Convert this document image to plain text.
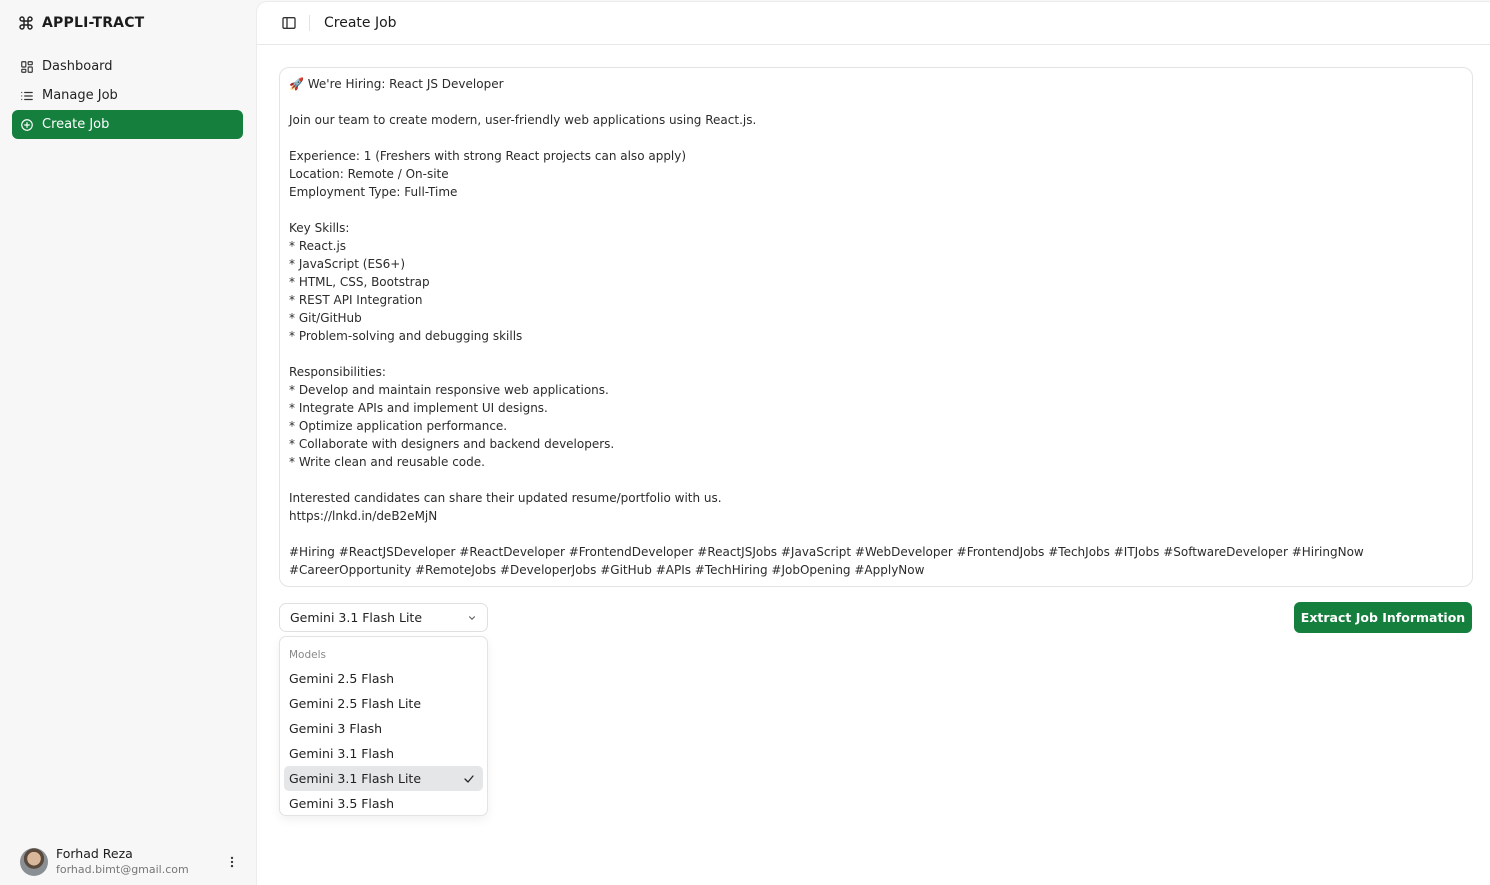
APPLI-TRACT
Dashboard
Manage Job
Create Job
Forhad Reza
forhad.bimt@gmail.com
Create Job
🚀 We're Hiring: React JS Developer

Join our team to create modern, user-friendly web applications using React.js.

Experience: 1 (Freshers with strong React projects can also apply)
Location: Remote / On-site
Employment Type: Full-Time

Key Skills:
* React.js
* JavaScript (ES6+)
* HTML, CSS, Bootstrap
* REST API Integration
* Git/GitHub
* Problem-solving and debugging skills

Responsibilities:
* Develop and maintain responsive web applications.
* Integrate APIs and implement UI designs.
* Optimize application performance.
* Collaborate with designers and backend developers.
* Write clean and reusable code.

Interested candidates can share their updated resume/portfolio with us.
https://lnkd.in/deB2eMjN

#Hiring #ReactJSDeveloper #ReactDeveloper #FrontendDeveloper #ReactJSJobs #JavaScript #WebDeveloper #FrontendJobs #TechJobs #ITJobs #SoftwareDeveloper #HiringNow
#CareerOpportunity #RemoteJobs #DeveloperJobs #GitHub #APIs #TechHiring #JobOpening #ApplyNow
Gemini 3.1 Flash Lite	Extract Job Information
Models
Gemini 2.5 Flash
Gemini 2.5 Flash Lite
Gemini 3 Flash
Gemini 3.1 Flash
Gemini 3.1 Flash Lite
Gemini 3.5 Flash
